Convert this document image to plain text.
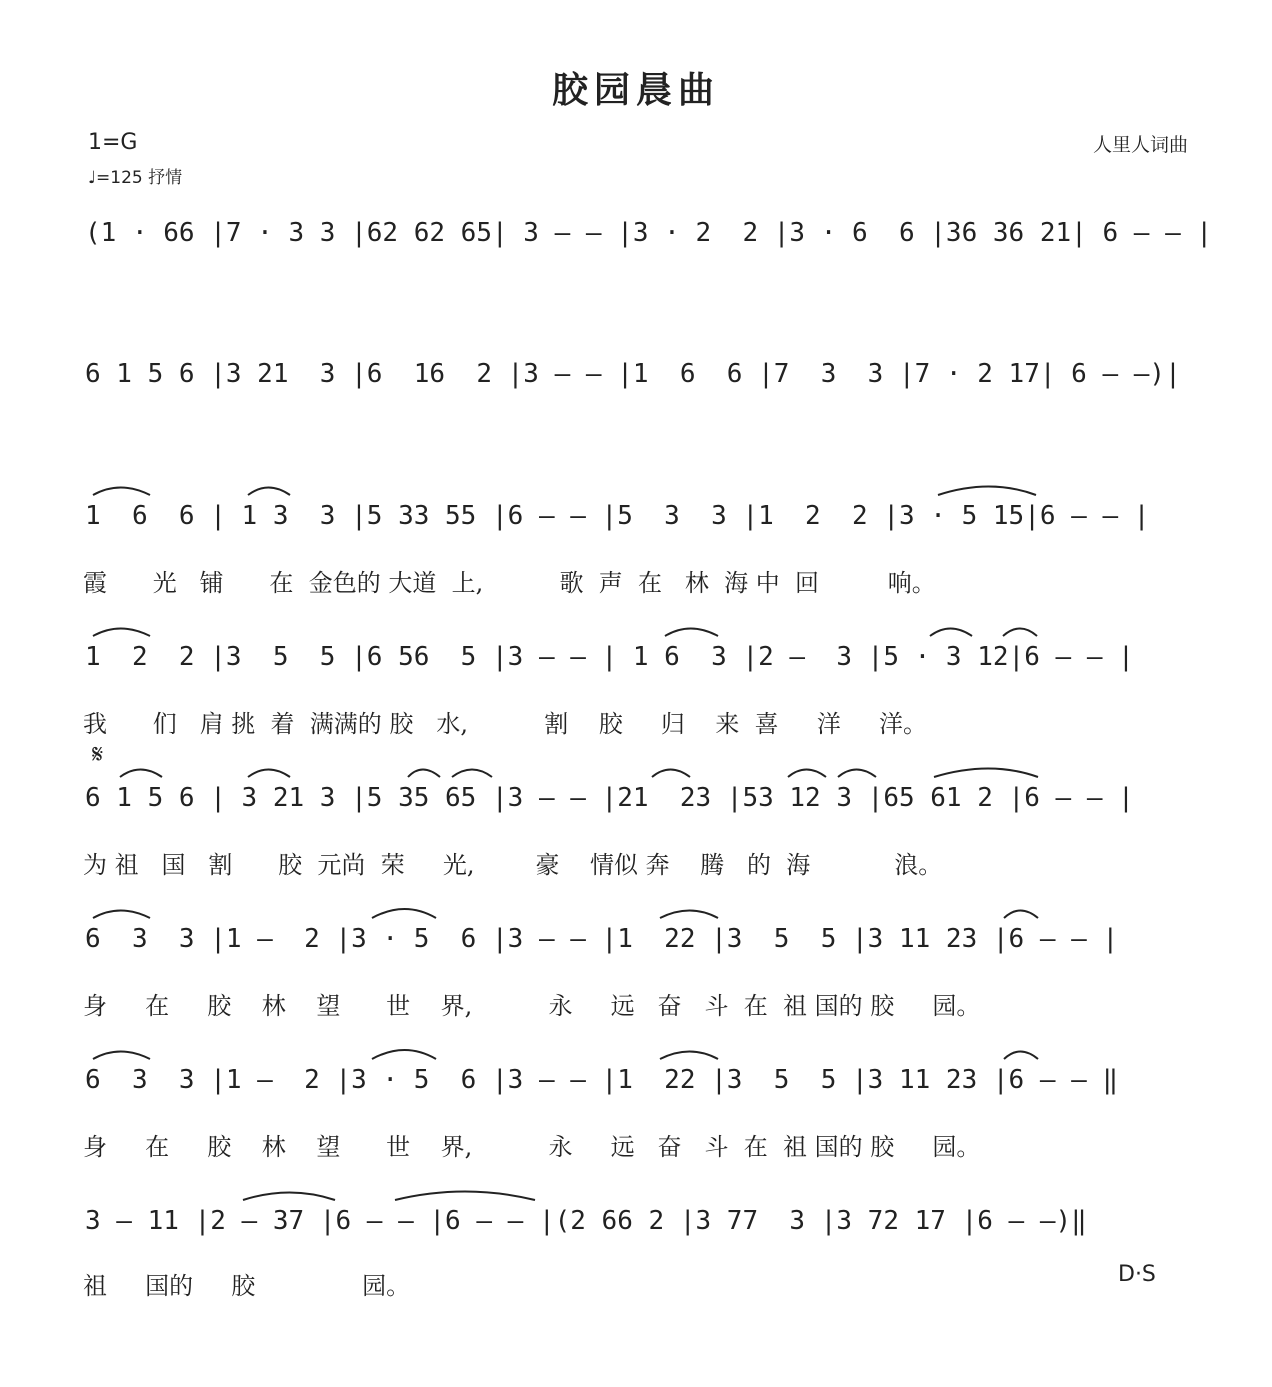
胶园晨曲
1=G
♩=125 抒情
人里人词曲
(1 · 66 |7 · 3 3 |62 62 65| 3 – – |3 · 2  2 |3 · 6  6 |36 36 21| 6 – – |
6 1 5 6 |3 21  3 |6  16  2 |3 – – |1  6  6 |7  3  3 |7 · 2 17| 6 – –)|
1  6  6 | 1 3  3 |5 33 55 |6 – – |5  3  3 |1  2  2 |3 · 5 15|6 – – |
霞      光   铺      在  金色的 大道  上,          歌  声  在   林  海 中  回         响。
1  2  2 |3  5  5 |6 56  5 |3 – – | 1 6  3 |2 –  3 |5 · 3 12|6 – – |
我      们   肩 挑  着  满满的 胶   水,          割    胶     归    来  喜     洋     洋。
𝄋
6 1 5 6 | 3 21 3 |5 35 65 |3 – – |21  23 |53 12 3 |65 61 2 |6 – – |
为 祖   国   割      胶  元尚  荣     光,        豪    情似 奔    腾   的  海           浪。
6  3  3 |1 –  2 |3 · 5  6 |3 – – |1  22 |3  5  5 |3 11 23 |6 – – |
身     在     胶    林    望      世    界,          永     远   奋   斗  在  祖 国的 胶     园。
6  3  3 |1 –  2 |3 · 5  6 |3 – – |1  22 |3  5  5 |3 11 23 |6 – – ‖
身     在     胶    林    望      世    界,          永     远   奋   斗  在  祖 国的 胶     园。
3 – 11 |2 – 37 |6 – – |6 – – |(2 66 2 |3 77  3 |3 72 17 |6 – –)‖
祖     国的     胶              园。	D·S
